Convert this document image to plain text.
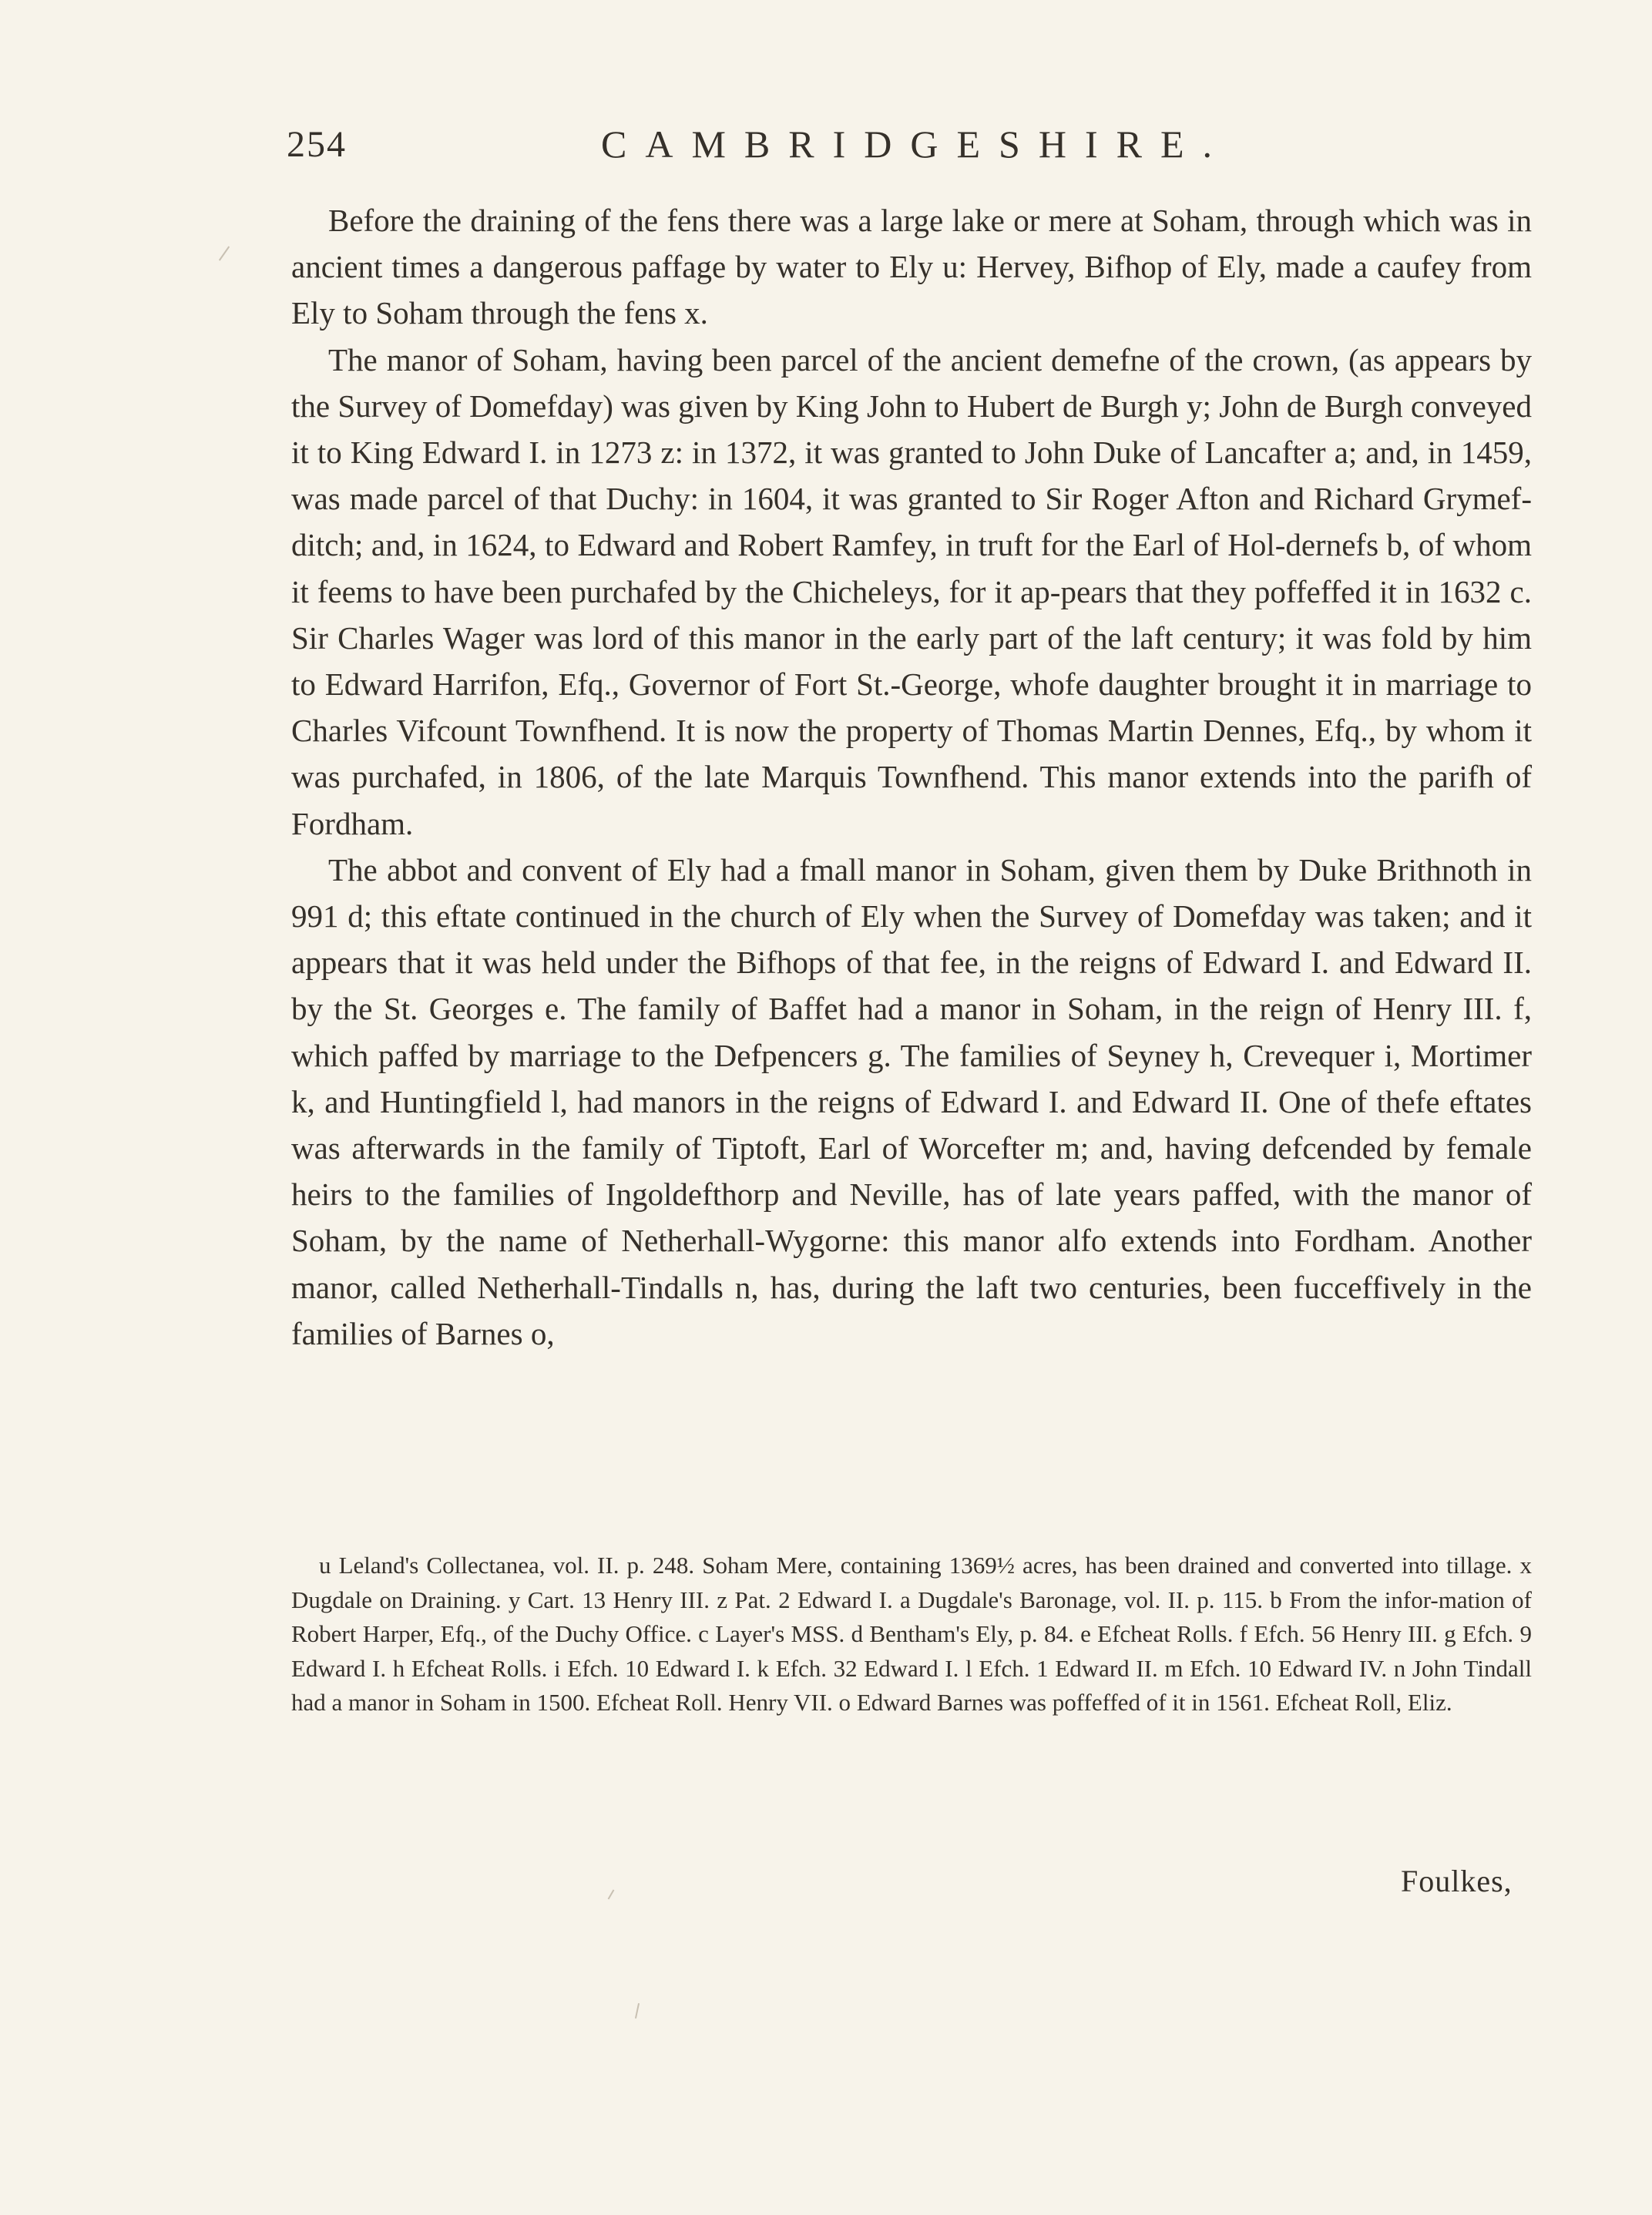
254	CAMBRIDGESHIRE.

Before the draining of the fens there was a large lake or mere at Soham, through which was in ancient times a dangerous paffage by water to Ely u: Hervey, Bifhop of Ely, made a caufey from Ely to Soham through the fens x.

The manor of Soham, having been parcel of the ancient demefne of the crown, (as appears by the Survey of Domefday) was given by King John to Hubert de Burgh y; John de Burgh conveyed it to King Edward I. in 1273 z: in 1372, it was granted to John Duke of Lancafter a; and, in 1459, was made parcel of that Duchy: in 1604, it was granted to Sir Roger Afton and Richard Grymef-ditch; and, in 1624, to Edward and Robert Ramfey, in truft for the Earl of Hol-dernefs b, of whom it feems to have been purchafed by the Chicheleys, for it ap-pears that they poffeffed it in 1632 c. Sir Charles Wager was lord of this manor in the early part of the laft century; it was fold by him to Edward Harrifon, Efq., Governor of Fort St.-George, whofe daughter brought it in marriage to Charles Vifcount Townfhend. It is now the property of Thomas Martin Dennes, Efq., by whom it was purchafed, in 1806, of the late Marquis Townfhend. This manor extends into the parifh of Fordham.

The abbot and convent of Ely had a fmall manor in Soham, given them by Duke Brithnoth in 991 d; this eftate continued in the church of Ely when the Survey of Domefday was taken; and it appears that it was held under the Bifhops of that fee, in the reigns of Edward I. and Edward II. by the St. Georges e. The family of Baffet had a manor in Soham, in the reign of Henry III. f, which paffed by marriage to the Defpencers g. The families of Seyney h, Crevequer i, Mortimer k, and Huntingfield l, had manors in the reigns of Edward I. and Edward II. One of thefe eftates was afterwards in the family of Tiptoft, Earl of Worcefter m; and, having defcended by female heirs to the families of Ingoldefthorp and Neville, has of late years paffed, with the manor of Soham, by the name of Netherhall-Wygorne: this manor alfo extends into Fordham. Another manor, called Netherhall-Tindalls n, has, during the laft two centuries, been fucceffively in the families of Barnes o,

u Leland's Collectanea, vol. II. p. 248. Soham Mere, containing 1369½ acres, has been drained and converted into tillage. x Dugdale on Draining. y Cart. 13 Henry III. z Pat. 2 Edward I. a Dugdale's Baronage, vol. II. p. 115. b From the infor-mation of Robert Harper, Efq., of the Duchy Office. c Layer's MSS. d Bentham's Ely, p. 84. e Efcheat Rolls. f Efch. 56 Henry III. g Efch. 9 Edward I. h Efcheat Rolls. i Efch. 10 Edward I. k Efch. 32 Edward I. l Efch. 1 Edward II. m Efch. 10 Edward IV. n John Tindall had a manor in Soham in 1500. Efcheat Roll. Henry VII. o Edward Barnes was poffeffed of it in 1561. Efcheat Roll, Eliz.

Foulkes,
